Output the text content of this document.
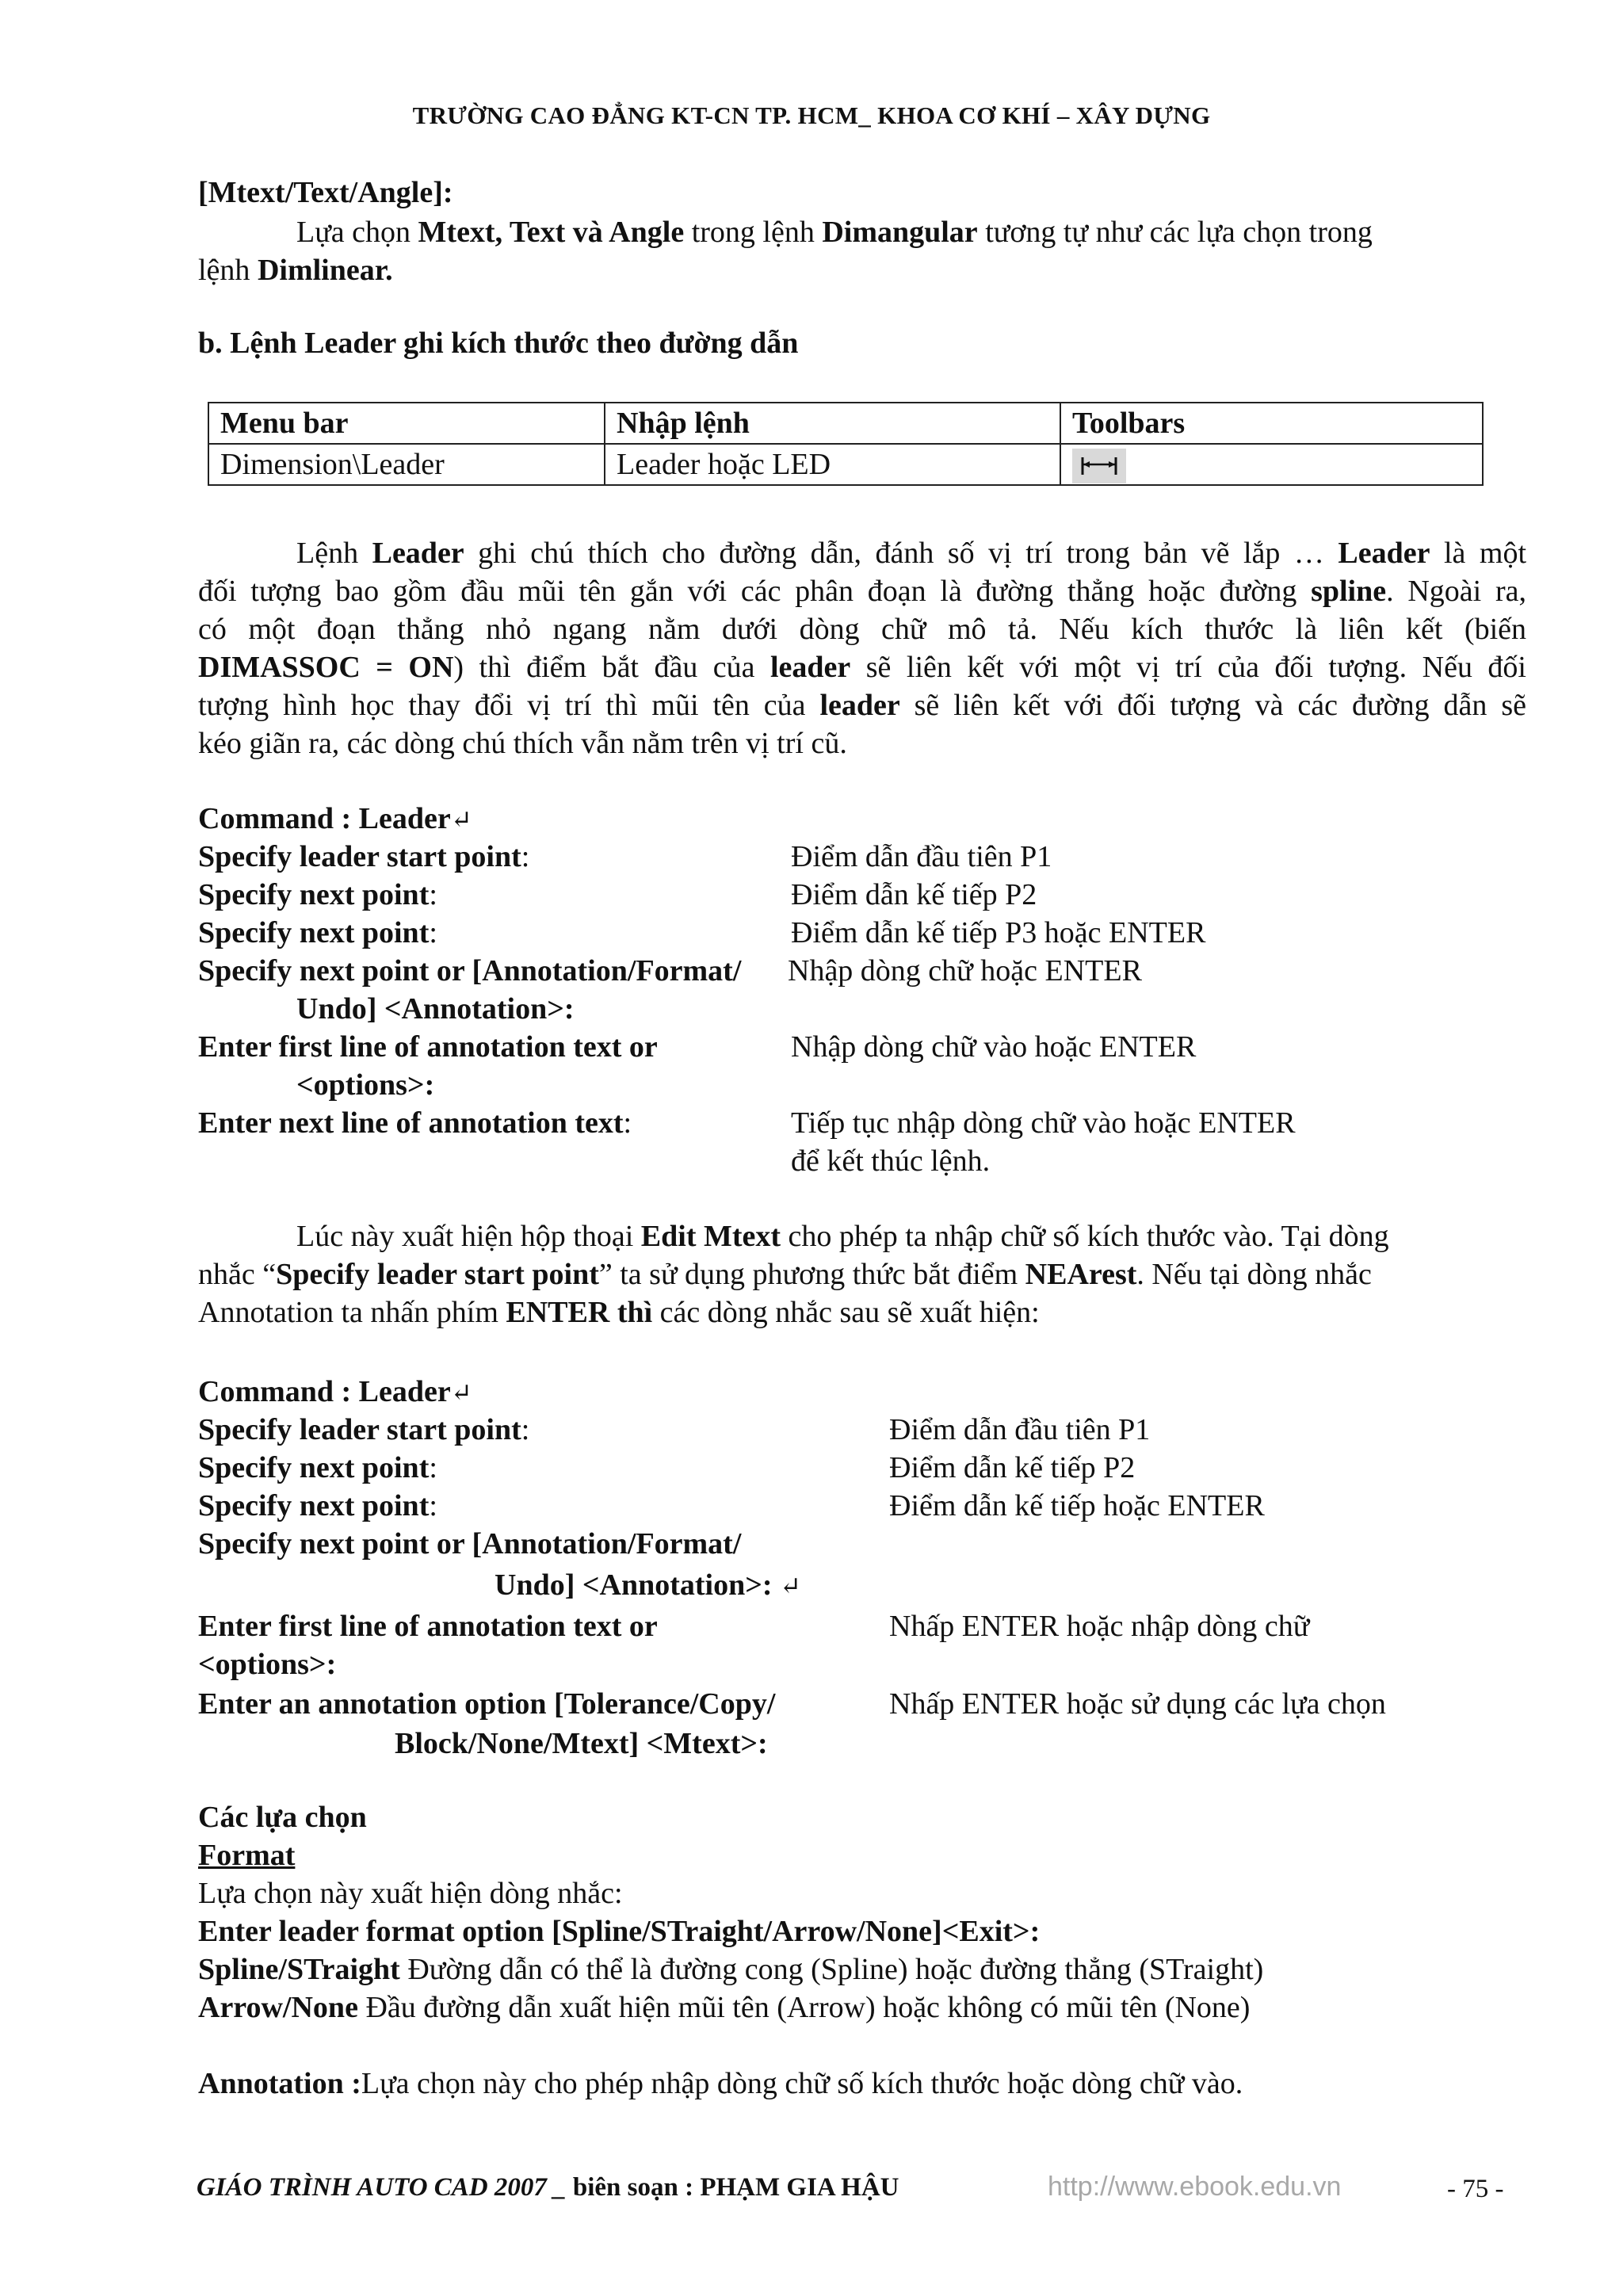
TRƯỜNG CAO ĐẲNG KT-CN TP. HCM_ KHOA CƠ KHÍ – XÂY DỰNG
[Mtext/Text/Angle]:
Lựa chọn Mtext, Text và Angle trong lệnh Dimangular tương tự như các lựa chọn trong
lệnh Dimlinear.
b. Lệnh Leader ghi kích thước theo đường dẫn
Menu bar	Nhập lệnh	Toolbars
Dimension\Leader	Leader hoặc LED	
Lệnh Leader ghi chú thích cho đường dẫn, đánh số vị trí trong bản vẽ lắp … Leader là một
đối tượng bao gồm đầu mũi tên gắn với các phân đoạn là đường thẳng hoặc đường spline. Ngoài ra,
có một đoạn thẳng nhỏ ngang nằm dưới dòng chữ mô tả. Nếu kích thước là liên kết (biến
DIMASSOC = ON) thì điểm bắt đầu của leader sẽ liên kết với một vị trí của đối tượng. Nếu đối
tượng hình học thay đổi vị trí thì mũi tên của leader sẽ liên kết với đối tượng và các đường dẫn sẽ
kéo giãn ra, các dòng chú thích vẫn nằm trên vị trí cũ.
Command : Leader↵
Specify leader start point:	Điểm dẫn đầu tiên P1
Specify next point:	Điểm dẫn kế tiếp P2
Specify next point:	Điểm dẫn kế tiếp P3 hoặc ENTER
Specify next point or [Annotation/Format/ Nhập dòng chữ hoặc ENTER
Undo] <Annotation>:
Enter first line of annotation text or	Nhập dòng chữ vào hoặc ENTER
<options>:
Enter next line of annotation text:	Tiếp tục nhập dòng chữ vào hoặc ENTER
để kết thúc lệnh.
Lúc này xuất hiện hộp thoại Edit Mtext cho phép ta nhập chữ số kích thước vào. Tại dòng
nhắc “Specify leader start point” ta sử dụng phương thức bắt điểm NEArest. Nếu tại dòng nhắc
Annotation ta nhấn phím ENTER thì các dòng nhắc sau sẽ xuất hiện:
Command : Leader↵
Specify leader start point:	Điểm dẫn đầu tiên P1
Specify next point:	Điểm dẫn kế tiếp P2
Specify next point:	Điểm dẫn kế tiếp hoặc ENTER
Specify next point or [Annotation/Format/
Undo] <Annotation>: ↵
Enter first line of annotation text or	Nhấp ENTER hoặc nhập dòng chữ
<options>:
Enter an annotation option [Tolerance/Copy/	Nhấp ENTER hoặc sử dụng các lựa chọn
Block/None/Mtext] <Mtext>:
Các lựa chọn
Format
Lựa chọn này xuất hiện dòng nhắc:
Enter leader format option [Spline/STraight/Arrow/None]<Exit>:
Spline/STraight Đường dẫn có thể là đường cong (Spline) hoặc đường thẳng (STraight)
Arrow/None Đầu đường dẫn xuất hiện mũi tên (Arrow) hoặc không có mũi tên (None)
Annotation :Lựa chọn này cho phép nhập dòng chữ số kích thước hoặc dòng chữ vào.
GIÁO TRÌNH AUTO CAD 2007 _ biên soạn : PHẠM GIA HẬU	http://www.ebook.edu.vn	- 75 -
